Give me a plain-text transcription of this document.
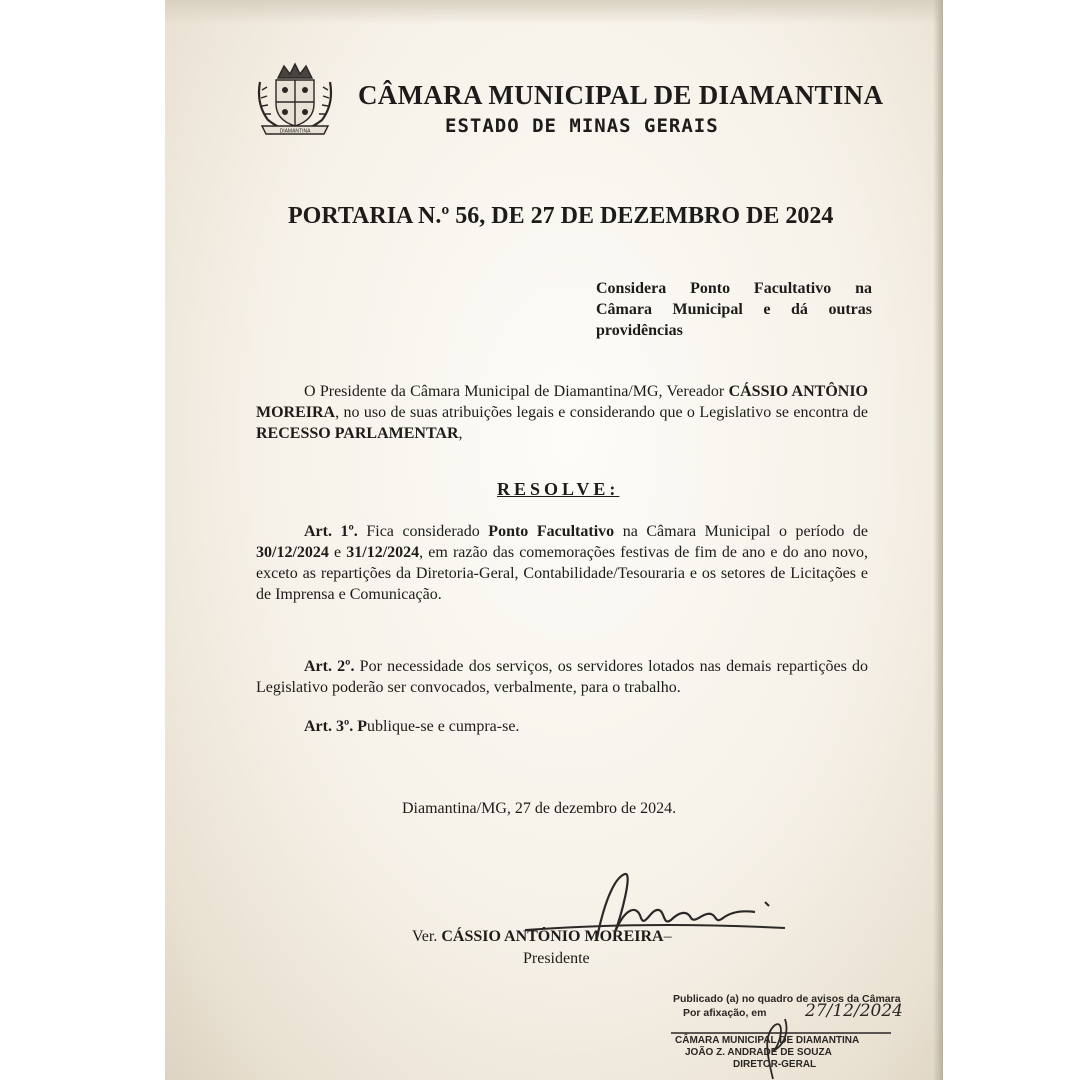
DIAMANTINA
CÂMARA MUNICIPAL DE DIAMANTINA
ESTADO DE MINAS GERAIS
PORTARIA N.º 56, DE 27 DE DEZEMBRO DE 2024
Considera Ponto Facultativo na Câmara Municipal e dá outras providências
O Presidente da Câmara Municipal de Diamantina/MG, Vereador CÁSSIO ANTÔNIO MOREIRA, no uso de suas atribuições legais e considerando que o Legislativo se encontra de RECESSO PARLAMENTAR,
RESOLVE:
Art. 1º. Fica considerado Ponto Facultativo na Câmara Municipal o período de 30/12/2024 e 31/12/2024, em razão das comemorações festivas de fim de ano e do ano novo, exceto as repartições da Diretoria-Geral, Contabilidade/Tesouraria e os setores de Licitações e de Imprensa e Comunicação.
Art. 2º. Por necessidade dos serviços, os servidores lotados nas demais repartições do Legislativo poderão ser convocados, verbalmente, para o trabalho.
Art. 3º. Publique-se e cumpra-se.
Diamantina/MG, 27 de dezembro de 2024.
Ver. CÁSSIO ANTÔNIO MOREIRA–
Presidente
Publicado (a) no quadro de avisos da Câmara
Por afixação, em 27/12/2024
CÂMARA MUNICIPAL DE DIAMANTINA
JOÃO Z. ANDRADE DE SOUZA
DIRETOR-GERAL
